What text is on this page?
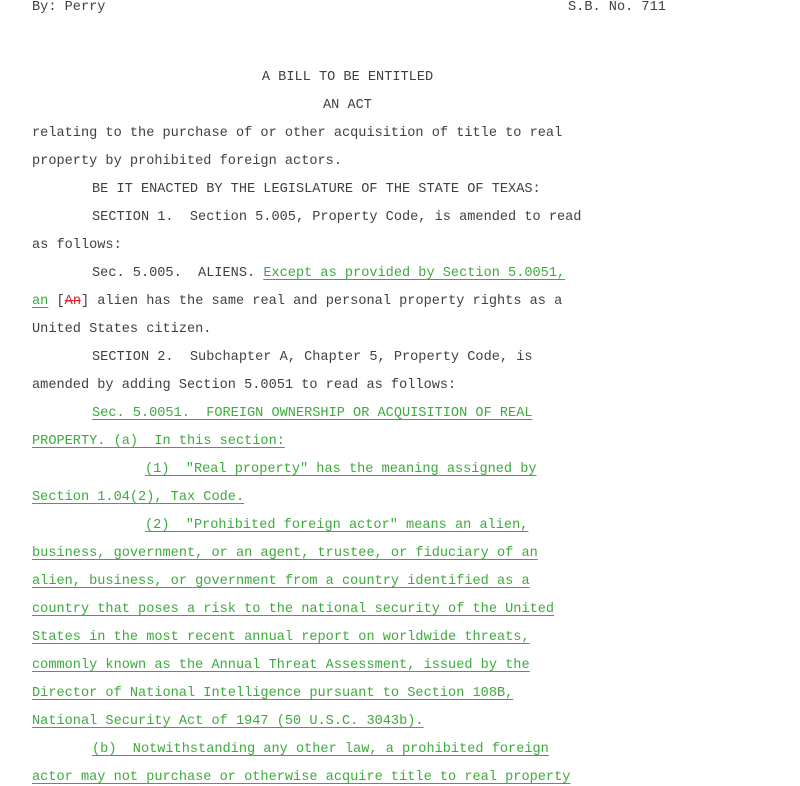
By: Perry	S.B. No. 711
A BILL TO BE ENTITLED
AN ACT
relating to the purchase of or other acquisition of title to real
property by prohibited foreign actors.
BE IT ENACTED BY THE LEGISLATURE OF THE STATE OF TEXAS:
SECTION 1.  Section 5.005, Property Code, is amended to read
as follows:
Sec. 5.005.  ALIENS. Except as provided by Section 5.0051,
an [An] alien has the same real and personal property rights as a
United States citizen.
SECTION 2.  Subchapter A, Chapter 5, Property Code, is
amended by adding Section 5.0051 to read as follows:
Sec. 5.0051.  FOREIGN OWNERSHIP OR ACQUISITION OF REAL
PROPERTY. (a)  In this section:
(1)  "Real property" has the meaning assigned by
Section 1.04(2), Tax Code.
(2)  "Prohibited foreign actor" means an alien,
business, government, or an agent, trustee, or fiduciary of an
alien, business, or government from a country identified as a
country that poses a risk to the national security of the United
States in the most recent annual report on worldwide threats,
commonly known as the Annual Threat Assessment, issued by the
Director of National Intelligence pursuant to Section 108B,
National Security Act of 1947 (50 U.S.C. 3043b).
(b)  Notwithstanding any other law, a prohibited foreign
actor may not purchase or otherwise acquire title to real property
